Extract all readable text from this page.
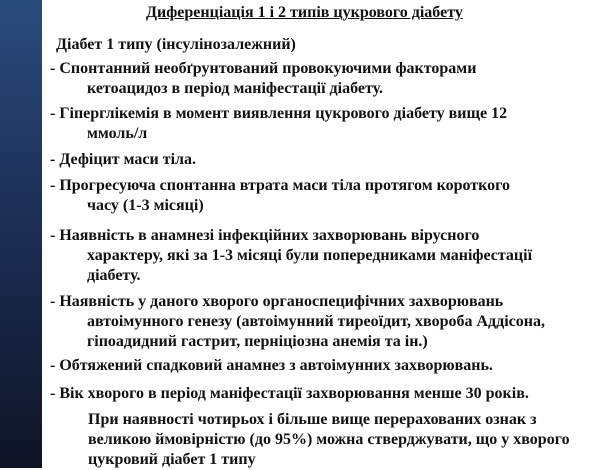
Диференціація 1 і 2 типів цукрового діабету
Діабет 1 типу (інсулінозалежний)
- Спонтанний необґрунтований провокуючими факторами
кетоацидоз в період маніфестації діабету.
- Гіперглікемія в момент виявлення цукрового діабету вище 12
ммоль/л
- Дефіцит маси тіла.
- Прогресуюча спонтанна втрата маси тіла протягом короткого
часу (1-3 місяці)
- Наявність в анамнезі інфекційних захворювань вірусного
характеру, які за 1-3 місяці були попередниками маніфестації діабету.
- Наявність у даного хворого органоспецифічних захворювань
автоімунного генезу (автоімунний тиреоїдит, хвороба Аддісона, гіпоадидний гастрит, перніціозна анемія та ін.)
- Обтяжений спадковий анамнез з автоімунних захворювань.
- Вік хворого в період маніфестації захворювання менше 30 років.
При наявності чотирьох і більше вище перерахованих ознак з великою ймовірністю (до 95%) можна стверджувати, що у хворого цукровий діабет 1 типу
